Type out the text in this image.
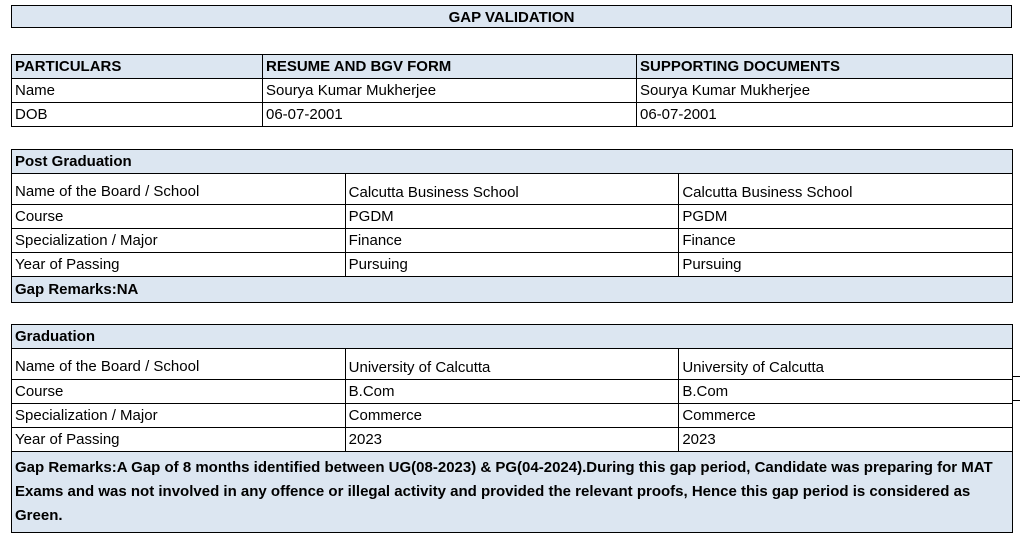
GAP VALIDATION
PARTICULARS	RESUME AND BGV FORM	SUPPORTING DOCUMENTS
Name	Sourya Kumar Mukherjee	Sourya Kumar Mukherjee
DOB	06-07-2001	06-07-2001
Post Graduation		
Name of the Board / School	Calcutta Business School	Calcutta Business School
Course	PGDM	PGDM
Specialization / Major	Finance	Finance
Year of Passing	Pursuing	Pursuing
Gap Remarks:NA		
Graduation		
Name of the Board / School	University of Calcutta	University of Calcutta
Course	B.Com	B.Com
Specialization / Major	Commerce	Commerce
Year of Passing	2023	2023
Gap Remarks:A Gap of 8 months identified between UG(08-2023) & PG(04-2024).During this gap period, Candidate was preparing for MAT Exams and was not involved in any offence or illegal activity and provided the relevant proofs, Hence this gap period is considered as Green.		
